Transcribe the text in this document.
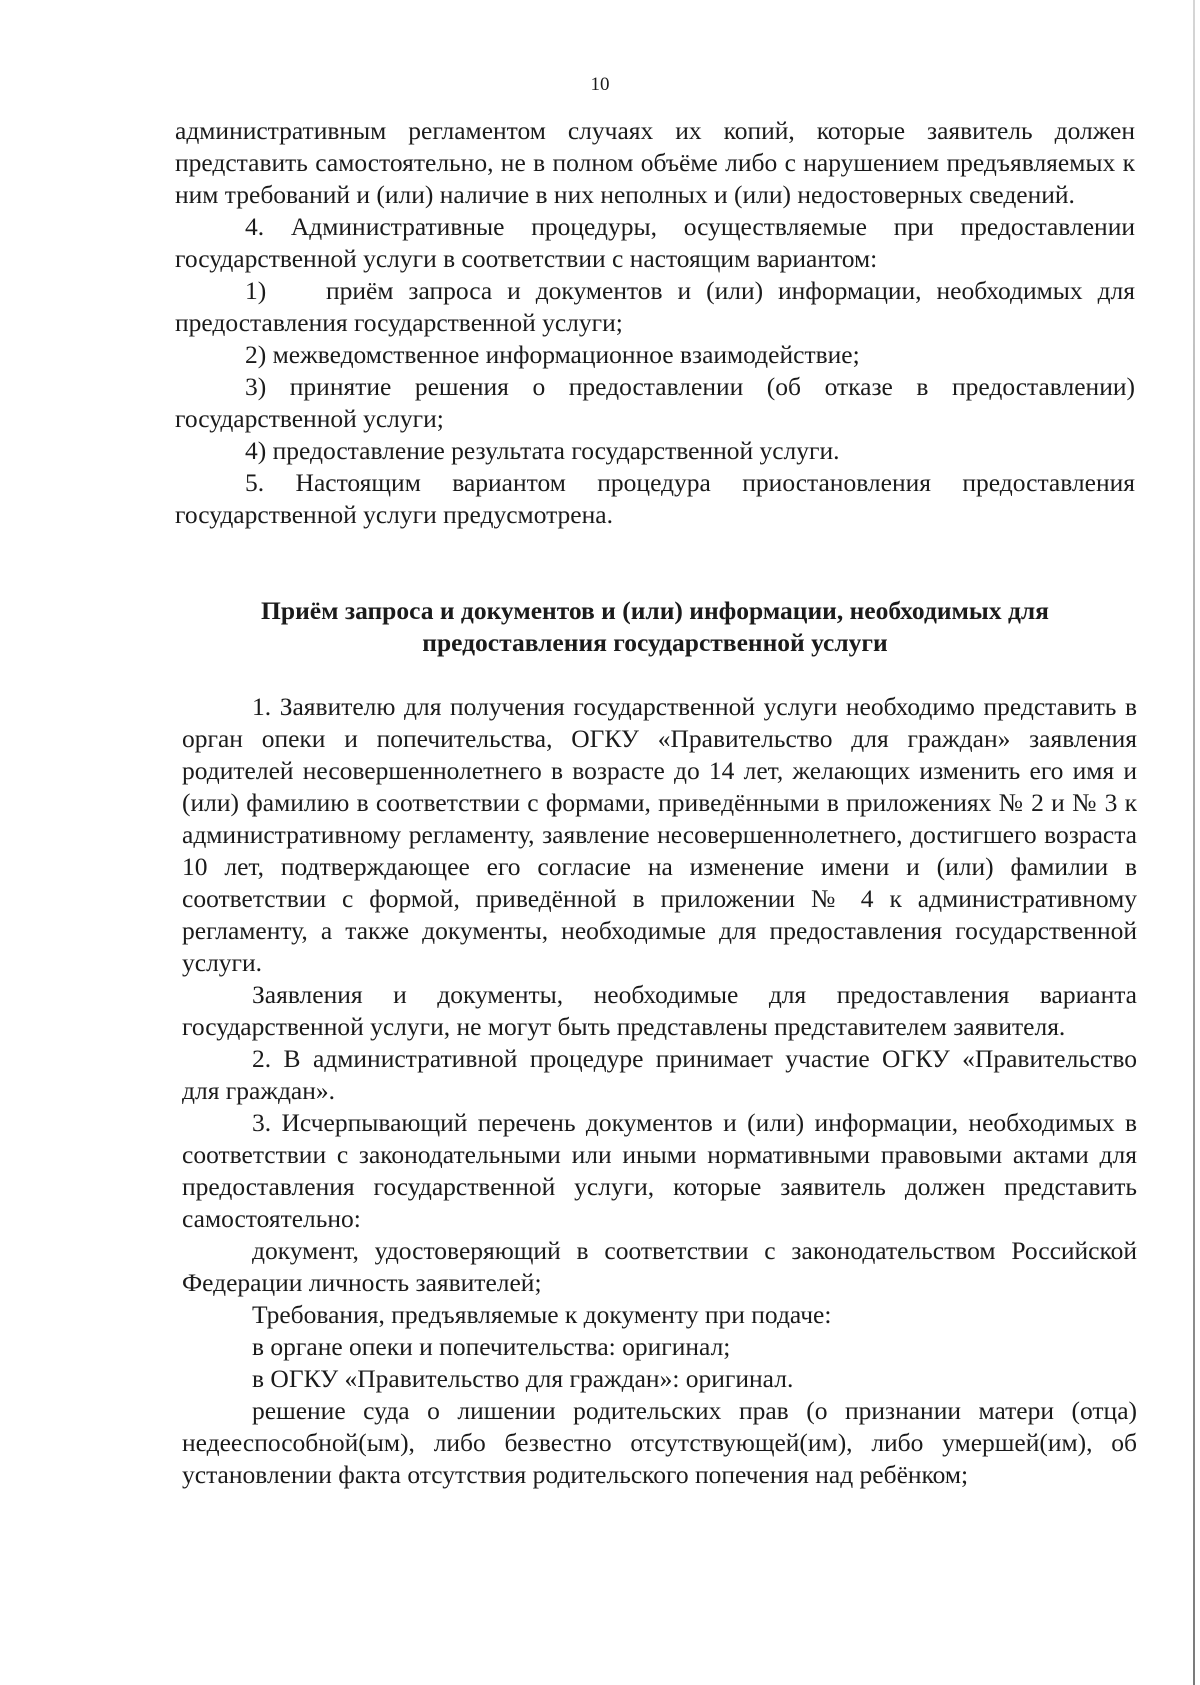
10

административным регламентом случаях их копий, которые заявитель должен представить самостоятельно, не в полном объёме либо с нарушением предъявляемых к ним требований и (или) наличие в них неполных и (или) недостоверных сведений.

4. Административные процедуры, осуществляемые при предоставлении государственной услуги в соответствии с настоящим вариантом:

1)    приём запроса и документов и (или) информации, необходимых для предоставления государственной услуги;

2) межведомственное информационное взаимодействие;

3) принятие решения о предоставлении (об отказе в предоставлении) государственной услуги;

4) предоставление результата государственной услуги.

5. Настоящим вариантом процедура приостановления предоставления государственной услуги предусмотрена.

Приём запроса и документов и (или) информации, необходимых для
предоставления государственной услуги

1. Заявителю для получения государственной услуги необходимо представить в орган опеки и попечительства, ОГКУ «Правительство для граждан» заявления родителей несовершеннолетнего в возрасте до 14 лет, желающих изменить его имя и (или) фамилию в соответствии с формами, приведёнными в приложениях № 2 и № 3 к административному регламенту, заявление несовершеннолетнего, достигшего возраста 10 лет, подтверждающее его согласие на изменение имени и (или) фамилии в соответствии с формой, приведённой в приложении № 4 к административному регламенту, а также документы, необходимые для предоставления государственной услуги.

Заявления и документы, необходимые для предоставления варианта государственной услуги, не могут быть представлены представителем заявителя.

2. В административной процедуре принимает участие ОГКУ «Правительство для граждан».

3. Исчерпывающий перечень документов и (или) информации, необходимых в соответствии с законодательными или иными нормативными правовыми актами для предоставления государственной услуги, которые заявитель должен представить самостоятельно:

документ, удостоверяющий в соответствии с законодательством Российской Федерации личность заявителей;

Требования, предъявляемые к документу при подаче:

в органе опеки и попечительства: оригинал;

в ОГКУ «Правительство для граждан»: оригинал.

решение суда о лишении родительских прав (о признании матери (отца) недееспособной(ым), либо безвестно отсутствующей(им), либо умершей(им), об установлении факта отсутствия родительского попечения над ребёнком;
